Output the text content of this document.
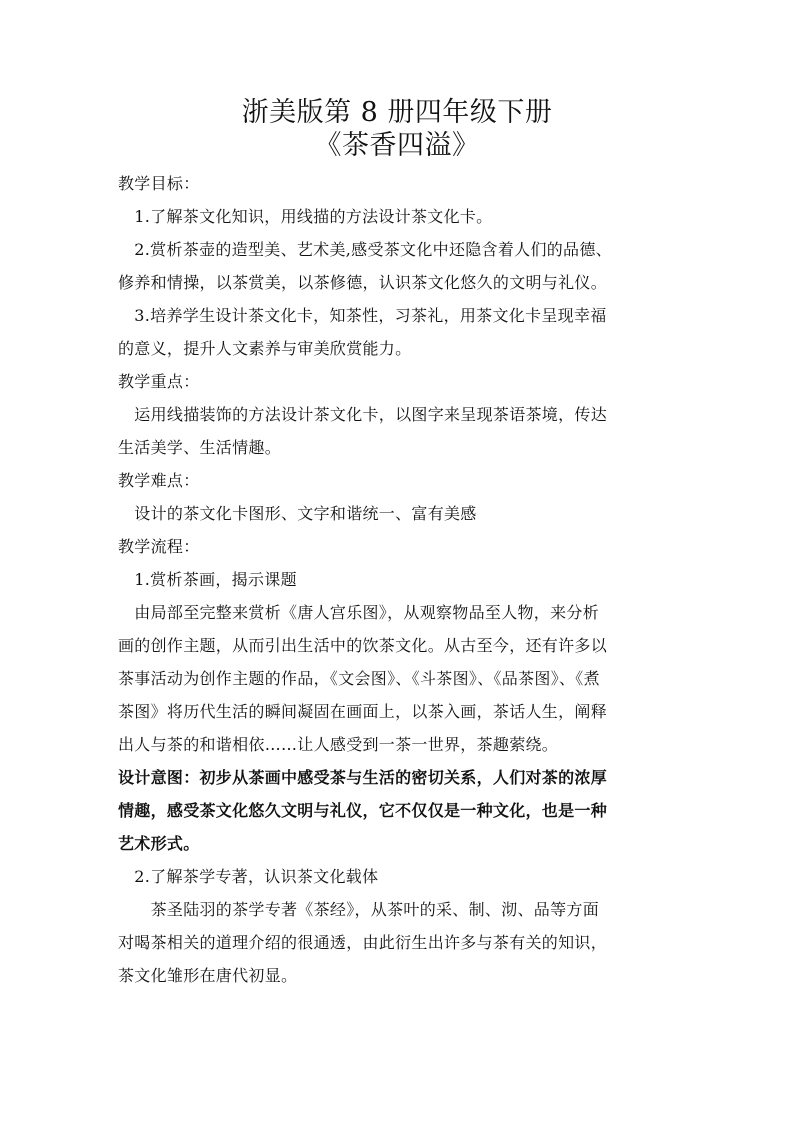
浙美版第 8 册四年级下册
《茶香四溢》
教学目标：
　1.了解茶文化知识，用线描的方法设计茶文化卡。
　2.赏析茶壶的造型美、艺术美,感受茶文化中还隐含着人们的品德、
修养和情操，以茶赏美，以茶修德，认识茶文化悠久的文明与礼仪。
　3.培养学生设计茶文化卡，知茶性，习茶礼，用茶文化卡呈现幸福
的意义，提升人文素养与审美欣赏能力。
教学重点：
　运用线描装饰的方法设计茶文化卡，以图字来呈现茶语茶境，传达
生活美学、生活情趣。
教学难点：
　设计的茶文化卡图形、文字和谐统一、富有美感
教学流程：
　1.赏析茶画，揭示课题
　由局部至完整来赏析《唐人宫乐图》，从观察物品至人物，来分析
画的创作主题，从而引出生活中的饮茶文化。从古至今，还有许多以
茶事活动为创作主题的作品，《文会图》、《斗茶图》、《品茶图》、《煮
茶图》将历代生活的瞬间凝固在画面上，以茶入画，茶话人生，阐释
出人与茶的和谐相依……让人感受到一茶一世界，茶趣萦绕。
设计意图：初步从茶画中感受茶与生活的密切关系，人们对茶的浓厚
情趣，感受茶文化悠久文明与礼仪，它不仅仅是一种文化，也是一种
艺术形式。
　2.了解茶学专著，认识茶文化载体
　　茶圣陆羽的茶学专著《茶经》，从茶叶的采、制、沏、品等方面
对喝茶相关的道理介绍的很通透，由此衍生出许多与茶有关的知识，
茶文化雏形在唐代初显。
